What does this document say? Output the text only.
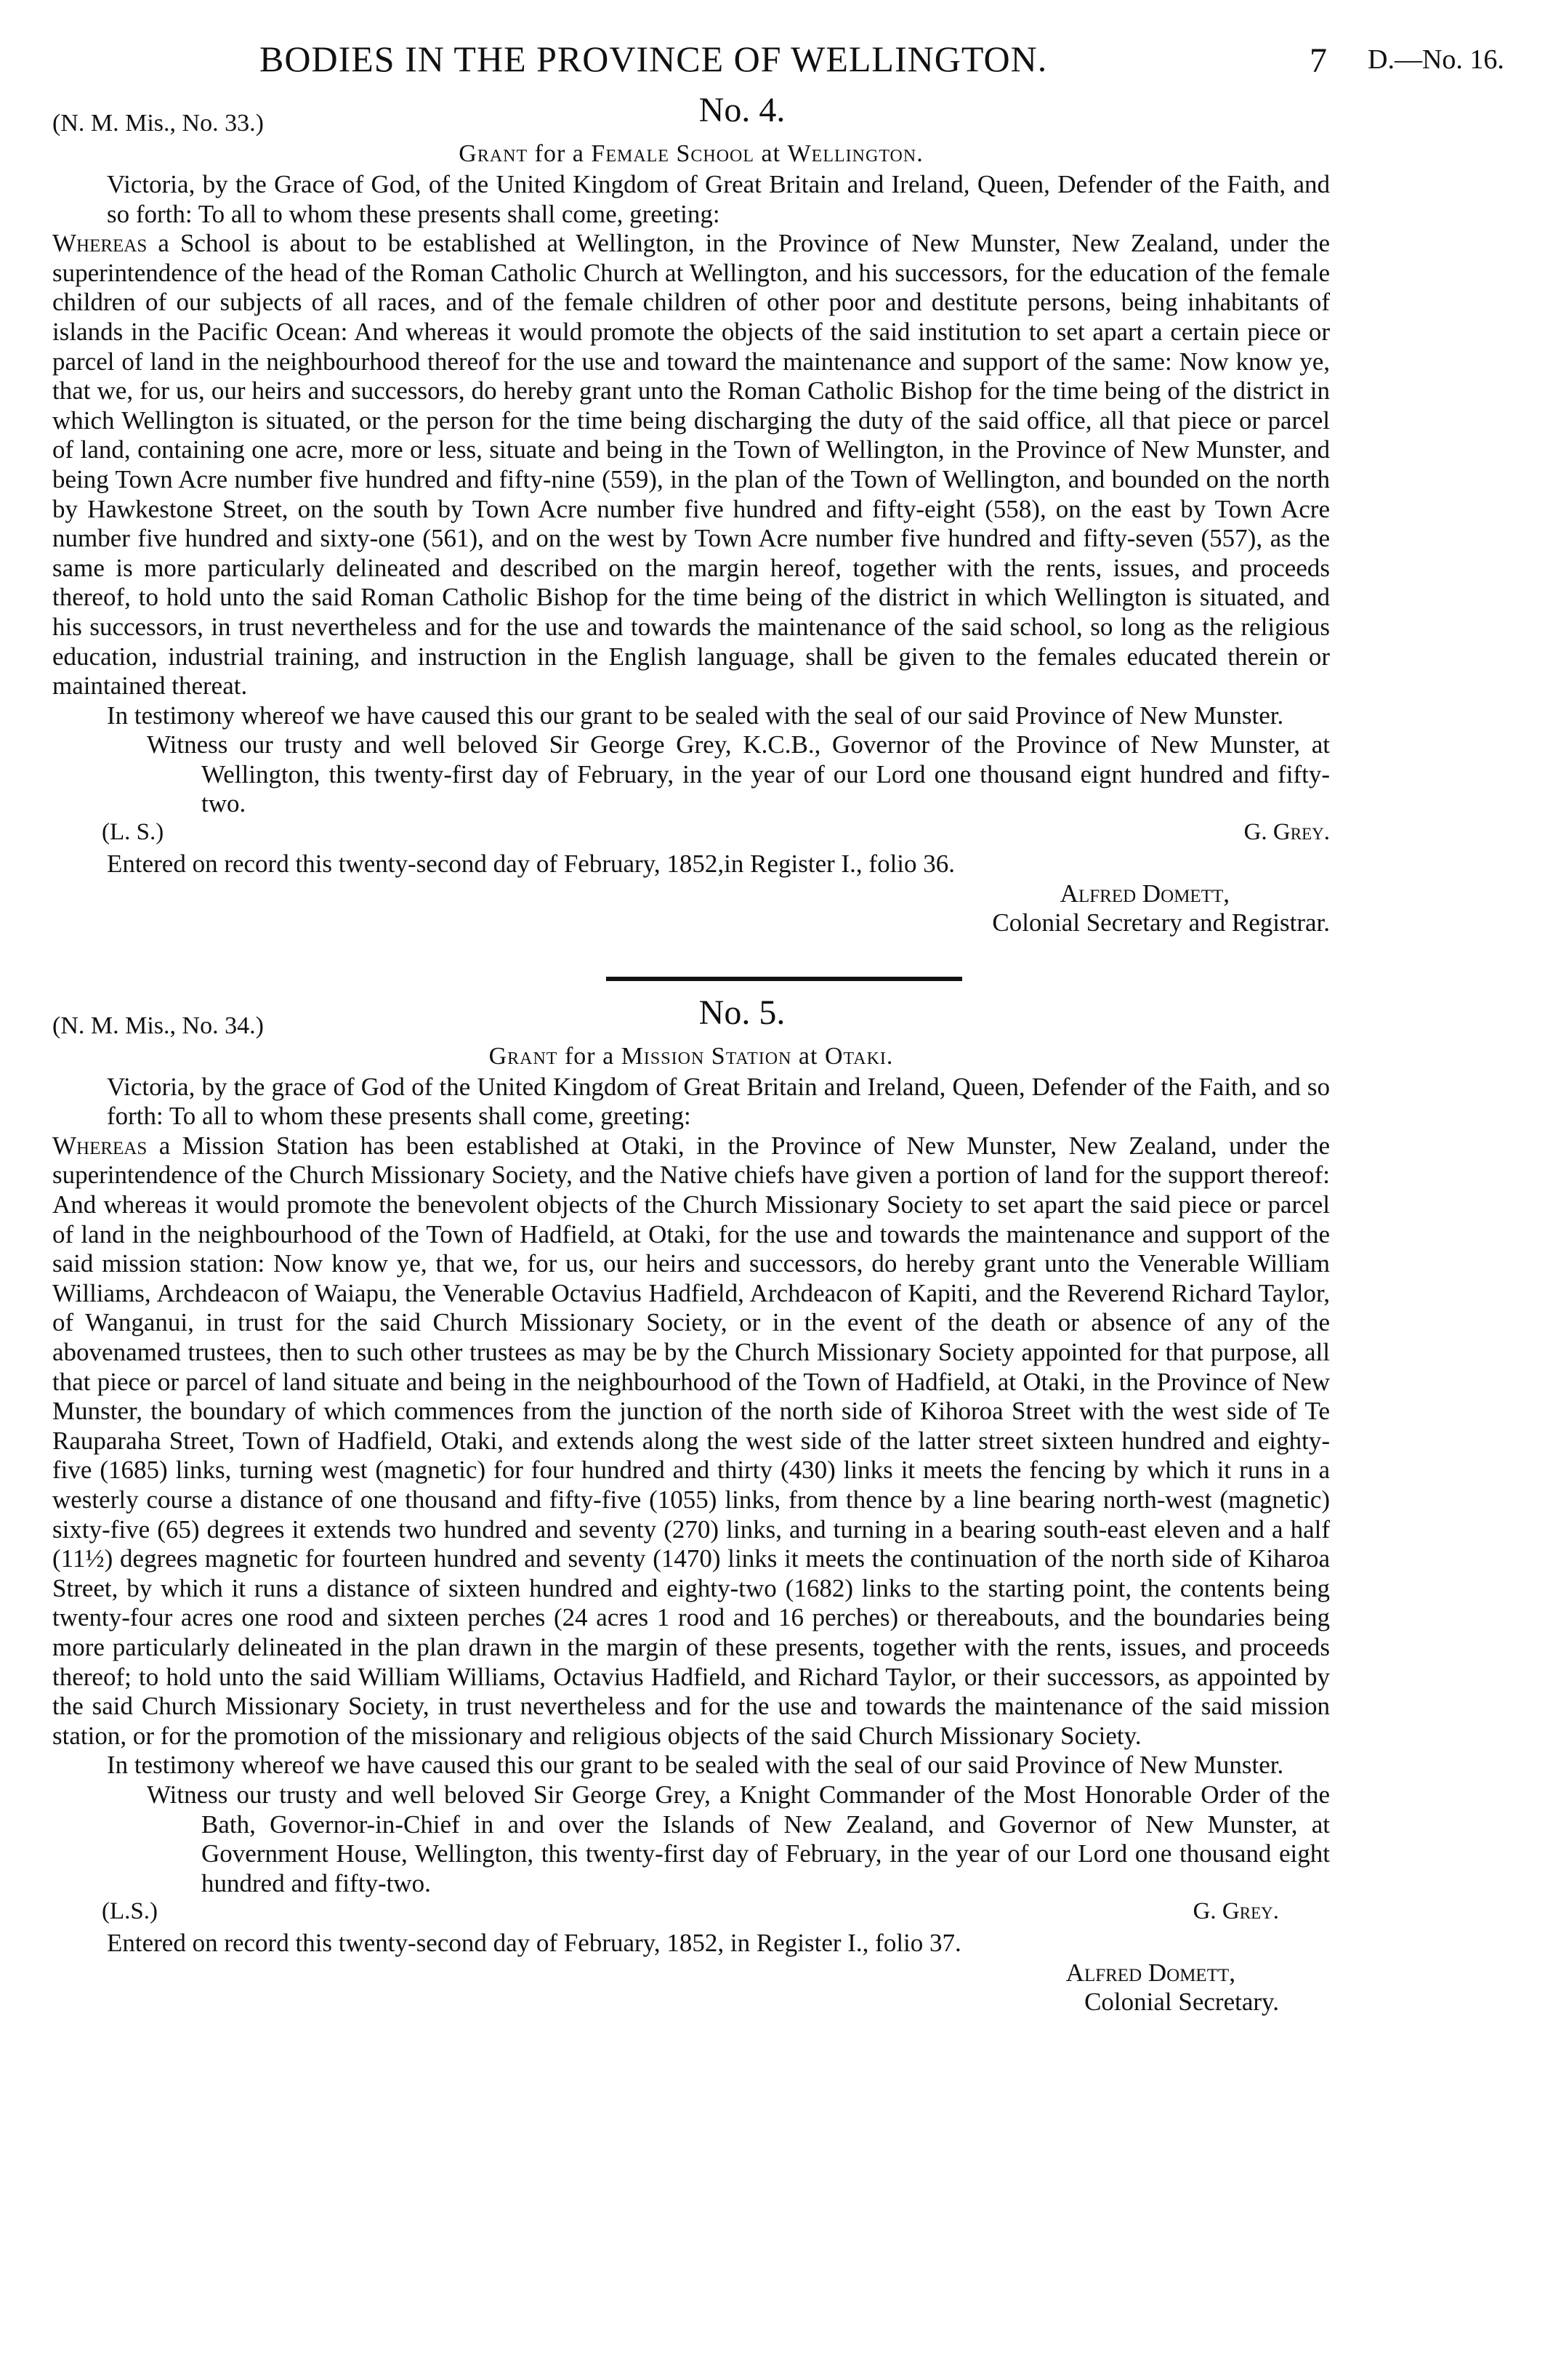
BODIES IN THE PROVINCE OF WELLINGTON.	7 D.—No. 16.
No. 4.
(N. M. Mis., No. 33.)
Grant for a Female School at Wellington.

Victoria, by the Grace of God, of the United Kingdom of Great Britain and Ireland, Queen, Defender of the Faith, and so forth: To all to whom these presents shall come, greeting:

Whereas a School is about to be established at Wellington, in the Province of New Munster, New Zealand, under the superintendence of the head of the Roman Catholic Church at Wellington, and his successors, for the education of the female children of our subjects of all races, and of the female children of other poor and destitute persons, being inhabitants of islands in the Pacific Ocean: And whereas it would promote the objects of the said institution to set apart a certain piece or parcel of land in the neighbourhood thereof for the use and toward the maintenance and support of the same: Now know ye, that we, for us, our heirs and successors, do hereby grant unto the Roman Catholic Bishop for the time being of the district in which Wellington is situated, or the person for the time being discharging the duty of the said office, all that piece or parcel of land, containing one acre, more or less, situate and being in the Town of Wellington, in the Province of New Munster, and being Town Acre number five hundred and fifty-nine (559), in the plan of the Town of Wellington, and bounded on the north by Hawkestone Street, on the south by Town Acre number five hundred and fifty-eight (558), on the east by Town Acre number five hundred and sixty-one (561), and on the west by Town Acre number five hundred and fifty-seven (557), as the same is more particularly delineated and described on the margin hereof, together with the rents, issues, and proceeds thereof, to hold unto the said Roman Catholic Bishop for the time being of the district in which Wellington is situated, and his successors, in trust nevertheless and for the use and towards the maintenance of the said school, so long as the religious education, industrial training, and instruction in the English language, shall be given to the females educated therein or maintained thereat.

In testimony whereof we have caused this our grant to be sealed with the seal of our said Province of New Munster.

Witness our trusty and well beloved Sir George Grey, K.C.B., Governor of the Province of New Munster, at Wellington, this twenty-first day of February, in the year of our Lord one thousand eignt hundred and fifty-two.

(L. S.)	G. Grey.

Entered on record this twenty-second day of February, 1852,in Register I., folio 36.

Alfred Domett,
Colonial Secretary and Registrar.
No. 5.
(N. M. Mis., No. 34.)
Grant for a Mission Station at Otaki.

Victoria, by the grace of God of the United Kingdom of Great Britain and Ireland, Queen, Defender of the Faith, and so forth: To all to whom these presents shall come, greeting:

Whereas a Mission Station has been established at Otaki, in the Province of New Munster, New Zealand, under the superintendence of the Church Missionary Society, and the Native chiefs have given a portion of land for the support thereof: And whereas it would promote the benevolent objects of the Church Missionary Society to set apart the said piece or parcel of land in the neighbourhood of the Town of Hadfield, at Otaki, for the use and towards the maintenance and support of the said mission station: Now know ye, that we, for us, our heirs and successors, do hereby grant unto the Venerable William Williams, Archdeacon of Waiapu, the Venerable Octavius Hadfield, Archdeacon of Kapiti, and the Reverend Richard Taylor, of Wanganui, in trust for the said Church Missionary Society, or in the event of the death or absence of any of the abovenamed trustees, then to such other trustees as may be by the Church Missionary Society appointed for that purpose, all that piece or parcel of land situate and being in the neighbourhood of the Town of Hadfield, at Otaki, in the Province of New Munster, the boundary of which commences from the junction of the north side of Kihoroa Street with the west side of Te Rauparaha Street, Town of Hadfield, Otaki, and extends along the west side of the latter street sixteen hundred and eighty-five (1685) links, turning west (magnetic) for four hundred and thirty (430) links it meets the fencing by which it runs in a westerly course a distance of one thousand and fifty-five (1055) links, from thence by a line bearing north-west (magnetic) sixty-five (65) degrees it extends two hundred and seventy (270) links, and turning in a bearing south-east eleven and a half (11½) degrees magnetic for fourteen hundred and seventy (1470) links it meets the continuation of the north side of Kiharoa Street, by which it runs a distance of sixteen hundred and eighty-two (1682) links to the starting point, the contents being twenty-four acres one rood and sixteen perches (24 acres 1 rood and 16 perches) or thereabouts, and the boundaries being more particularly delineated in the plan drawn in the margin of these presents, together with the rents, issues, and proceeds thereof; to hold unto the said William Williams, Octavius Hadfield, and Richard Taylor, or their successors, as appointed by the said Church Missionary Society, in trust nevertheless and for the use and towards the maintenance of the said mission station, or for the promotion of the missionary and religious objects of the said Church Missionary Society.

In testimony whereof we have caused this our grant to be sealed with the seal of our said Province of New Munster.

Witness our trusty and well beloved Sir George Grey, a Knight Commander of the Most Honorable Order of the Bath, Governor-in-Chief in and over the Islands of New Zealand, and Governor of New Munster, at Government House, Wellington, this twenty-first day of February, in the year of our Lord one thousand eight hundred and fifty-two.

(L.S.)	G. Grey.

Entered on record this twenty-second day of February, 1852, in Register I., folio 37.

Alfred Domett,
Colonial Secretary.
